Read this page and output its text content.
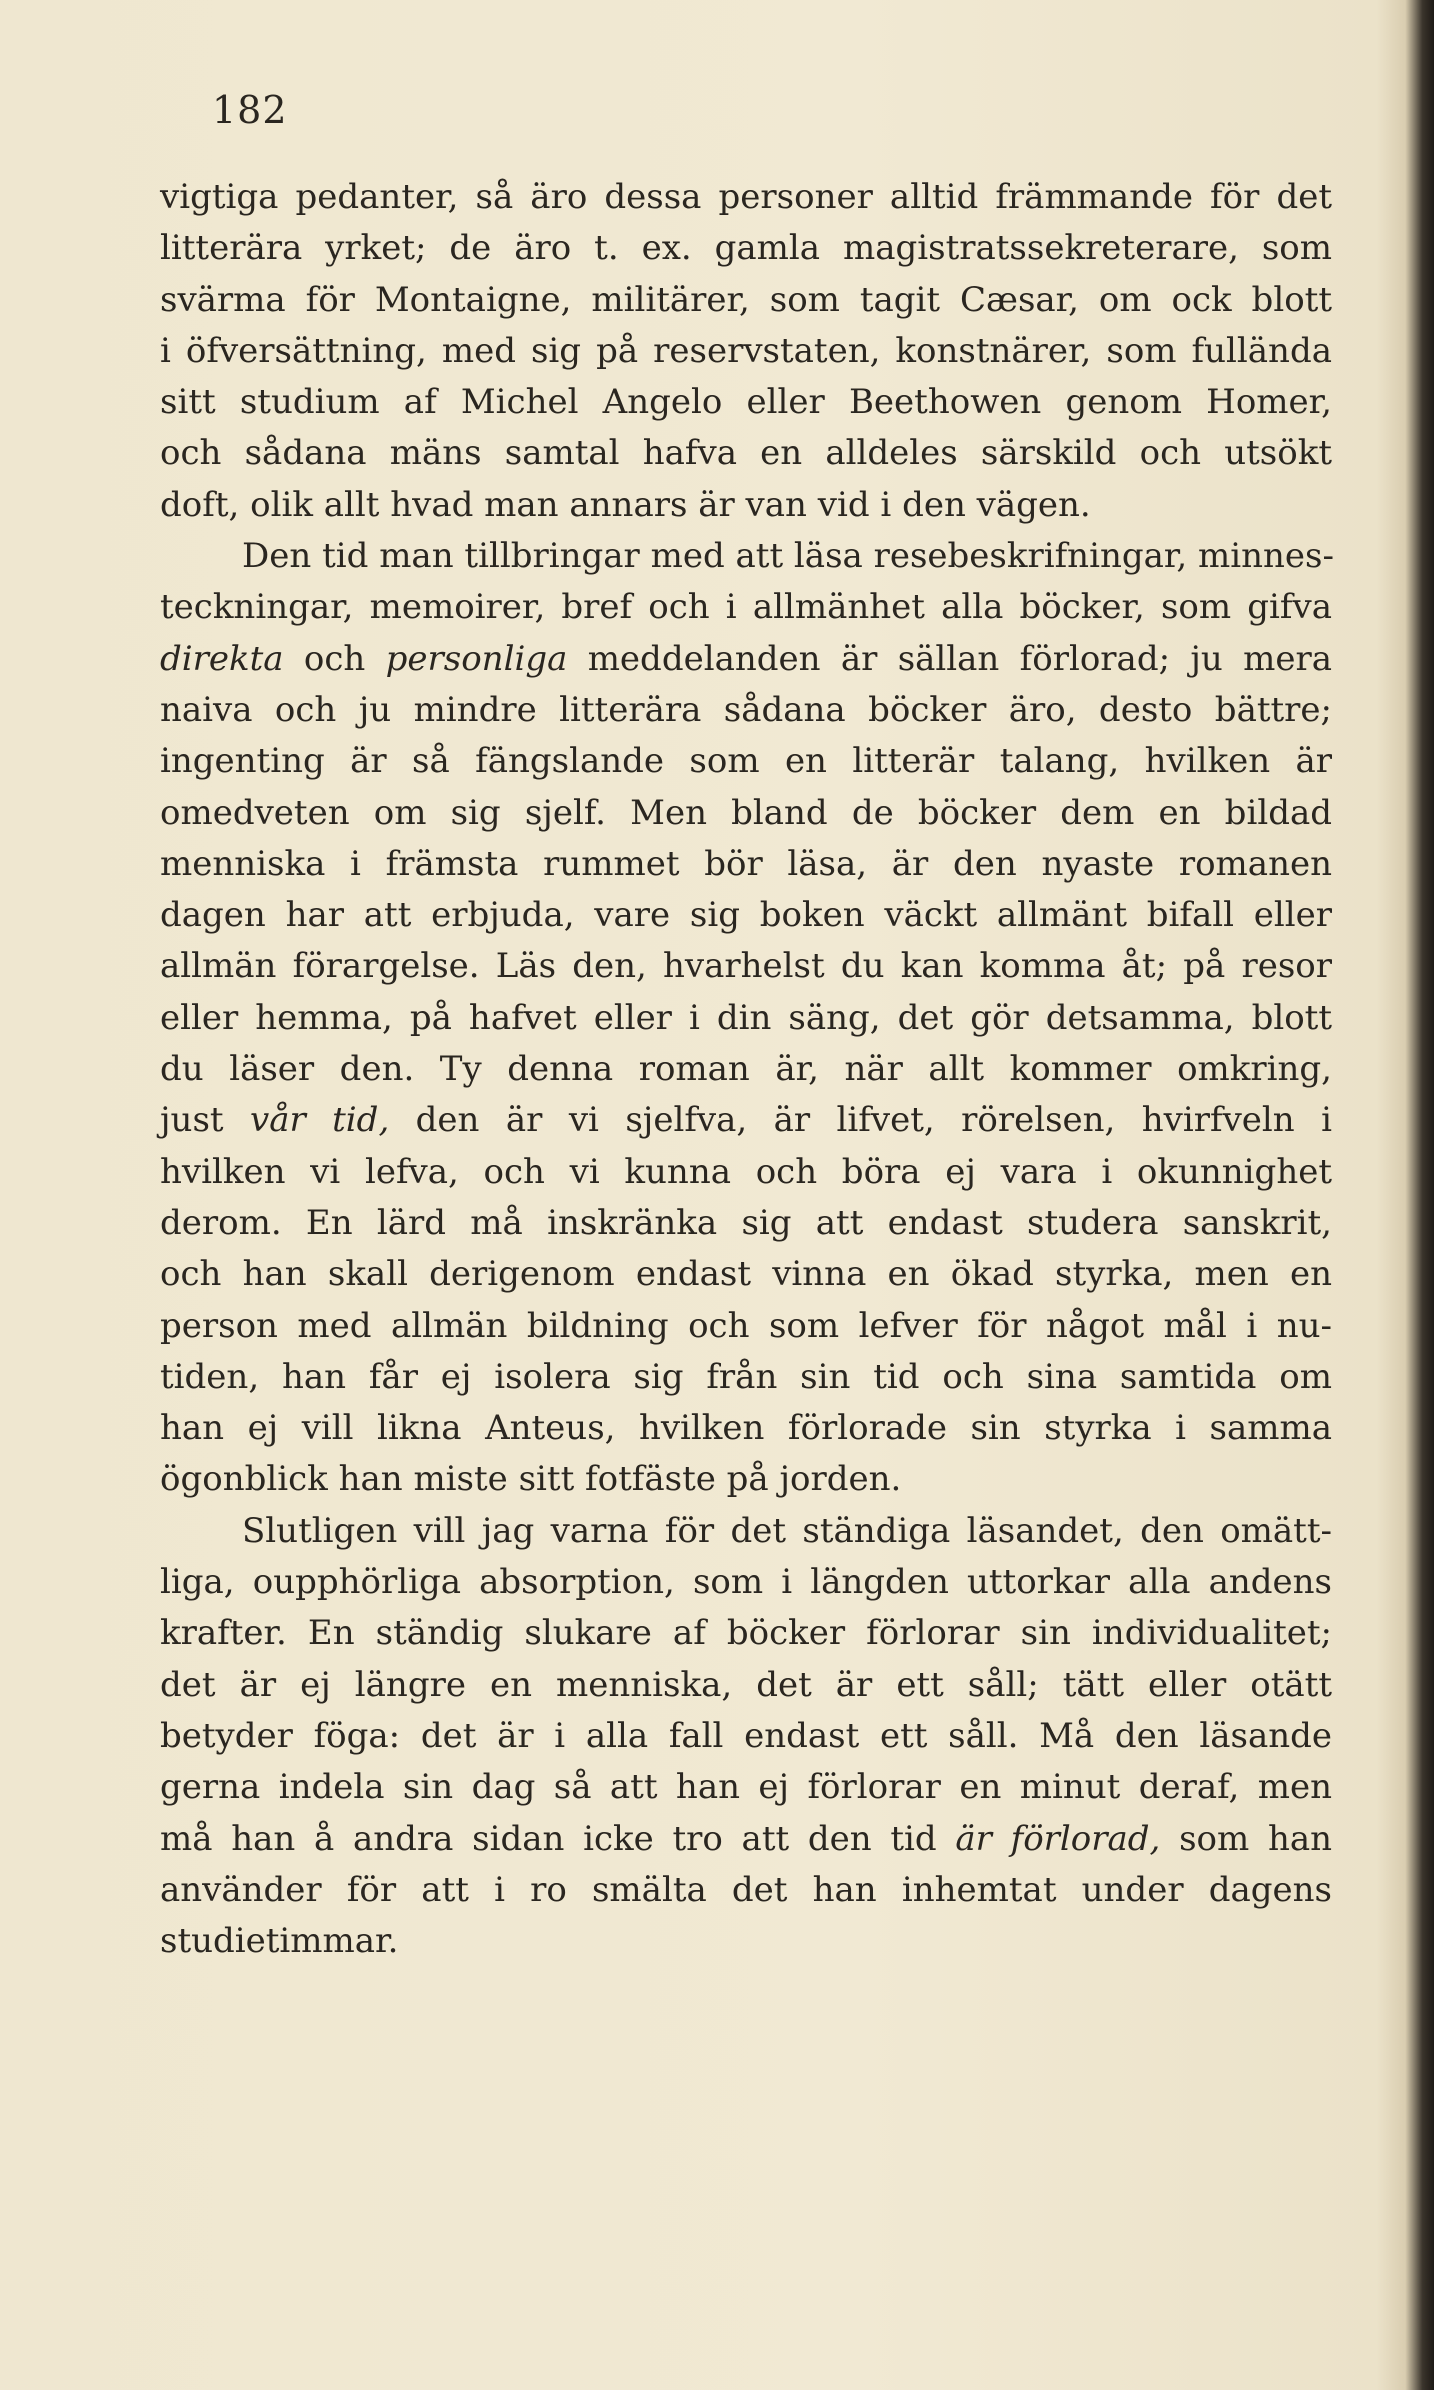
182
vigtiga pedanter, så äro dessa personer alltid främmande för det
litterära yrket; de äro t. ex. gamla magistratssekreterare, som
svärma för Montaigne, militärer, som tagit Cæsar, om ock blott
i öfversättning, med sig på reservstaten, konstnärer, som fullända
sitt studium af Michel Angelo eller Beethowen genom Homer,
och sådana mäns samtal hafva en alldeles särskild och utsökt
doft, olik allt hvad man annars är van vid i den vägen.
Den tid man tillbringar med att läsa resebeskrifningar, minnes-
teckningar, memoirer, bref och i allmänhet alla böcker, som gifva
direkta och personliga meddelanden är sällan förlorad; ju mera
naiva och ju mindre litterära sådana böcker äro, desto bättre;
ingenting är så fängslande som en litterär talang, hvilken är
omedveten om sig sjelf. Men bland de böcker dem en bildad
menniska i främsta rummet bör läsa, är den nyaste romanen
dagen har att erbjuda, vare sig boken väckt allmänt bifall eller
allmän förargelse. Läs den, hvarhelst du kan komma åt; på resor
eller hemma, på hafvet eller i din säng, det gör detsamma, blott
du läser den. Ty denna roman är, när allt kommer omkring,
just vår tid, den är vi sjelfva, är lifvet, rörelsen, hvirfveln i
hvilken vi lefva, och vi kunna och böra ej vara i okunnighet
derom. En lärd må inskränka sig att endast studera sanskrit,
och han skall derigenom endast vinna en ökad styrka, men en
person med allmän bildning och som lefver för något mål i nu-
tiden, han får ej isolera sig från sin tid och sina samtida om
han ej vill likna Anteus, hvilken förlorade sin styrka i samma
ögonblick han miste sitt fotfäste på jorden.
Slutligen vill jag varna för det ständiga läsandet, den omätt-
liga, oupphörliga absorption, som i längden uttorkar alla andens
krafter. En ständig slukare af böcker förlorar sin individualitet;
det är ej längre en menniska, det är ett såll; tätt eller otätt
betyder föga: det är i alla fall endast ett såll. Må den läsande
gerna indela sin dag så att han ej förlorar en minut deraf, men
må han å andra sidan icke tro att den tid är förlorad, som han
använder för att i ro smälta det han inhemtat under dagens
studietimmar.
